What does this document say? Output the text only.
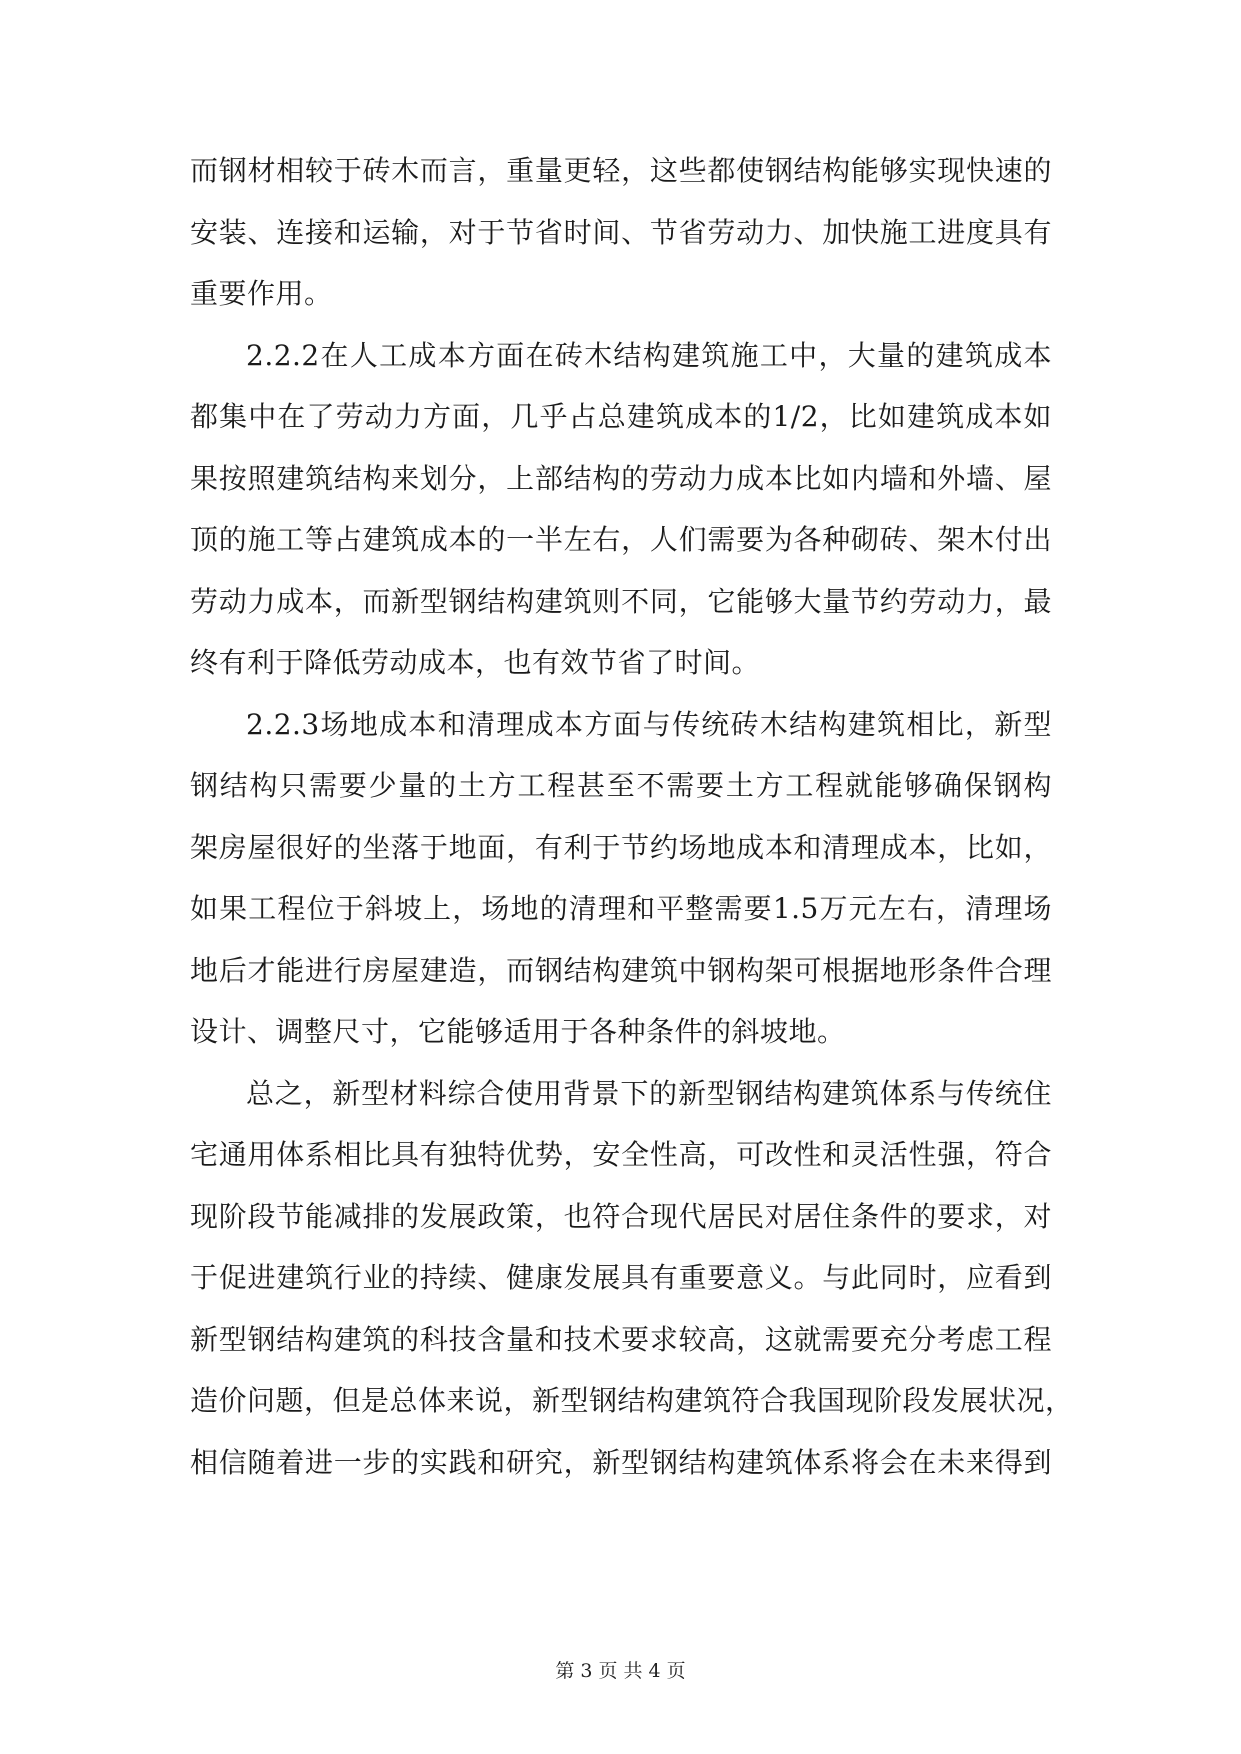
而钢材相较于砖木而言，重量更轻，这些都使钢结构能够实现快速的
安装、连接和运输，对于节省时间、节省劳动力、加快施工进度具有
重要作用。
2.2.2在人工成本方面在砖木结构建筑施工中，大量的建筑成本
都集中在了劳动力方面，几乎占总建筑成本的1/2，比如建筑成本如
果按照建筑结构来划分，上部结构的劳动力成本比如内墙和外墙、屋
顶的施工等占建筑成本的一半左右，人们需要为各种砌砖、架木付出
劳动力成本，而新型钢结构建筑则不同，它能够大量节约劳动力，最
终有利于降低劳动成本，也有效节省了时间。
2.2.3场地成本和清理成本方面与传统砖木结构建筑相比，新型
钢结构只需要少量的土方工程甚至不需要土方工程就能够确保钢构
架房屋很好的坐落于地面，有利于节约场地成本和清理成本，比如，
如果工程位于斜坡上，场地的清理和平整需要1.5万元左右，清理场
地后才能进行房屋建造，而钢结构建筑中钢构架可根据地形条件合理
设计、调整尺寸，它能够适用于各种条件的斜坡地。
总之，新型材料综合使用背景下的新型钢结构建筑体系与传统住
宅通用体系相比具有独特优势，安全性高，可改性和灵活性强，符合
现阶段节能减排的发展政策，也符合现代居民对居住条件的要求，对
于促进建筑行业的持续、健康发展具有重要意义。与此同时，应看到
新型钢结构建筑的科技含量和技术要求较高，这就需要充分考虑工程
造价问题，但是总体来说，新型钢结构建筑符合我国现阶段发展状况，
相信随着进一步的实践和研究，新型钢结构建筑体系将会在未来得到
第 3 页 共 4 页
